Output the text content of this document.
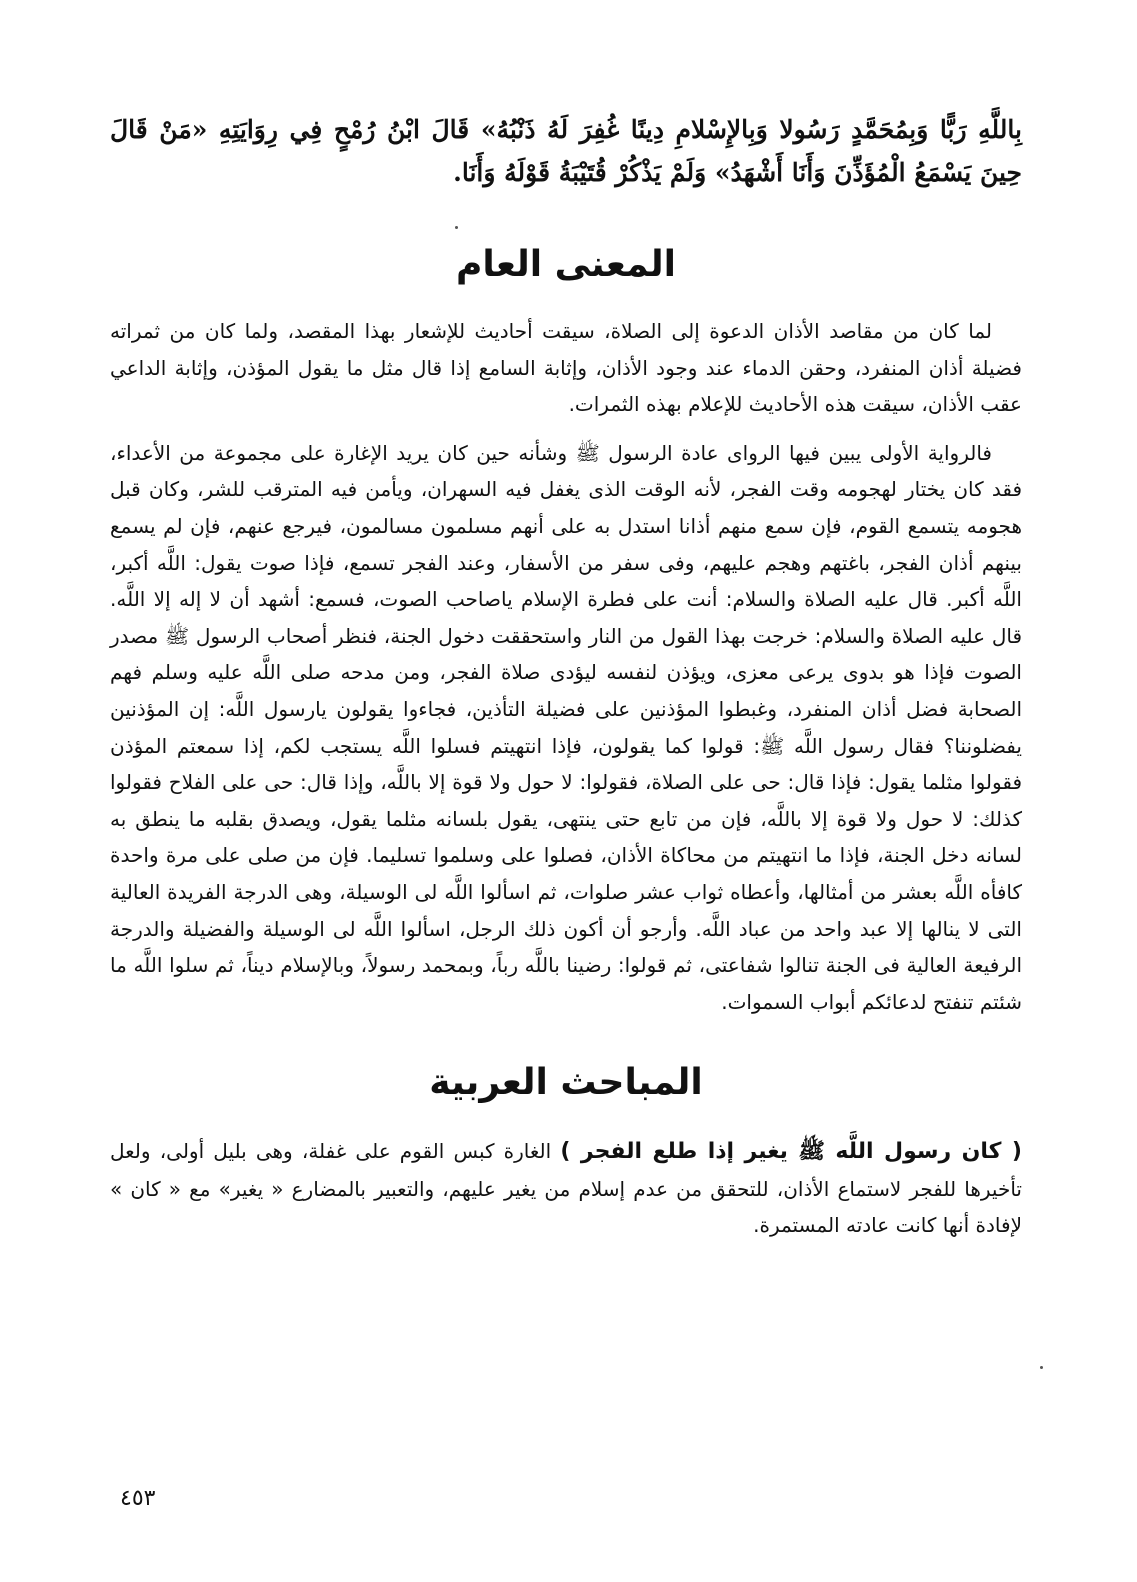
بِاللَّهِ رَبًّا وَبِمُحَمَّدٍ رَسُولا وَبِالإِسْلامِ دِينًا غُفِرَ لَهُ ذَنْبُهُ» قَالَ ابْنُ رُمْحٍ فِي رِوَايَتِهِ «مَنْ قَالَ حِينَ يَسْمَعُ الْمُؤَذِّنَ وَأَنَا أَشْهَدُ» وَلَمْ يَذْكُرْ قُتَيْبَةُ قَوْلَهُ وَأَنَا.
المعنى العام

لما كان من مقاصد الأذان الدعوة إلى الصلاة، سيقت أحاديث للإشعار بهذا المقصد، ولما كان من ثمراته فضيلة أذان المنفرد، وحقن الدماء عند وجود الأذان، وإثابة السامع إذا قال مثل ما يقول المؤذن، وإثابة الداعي عقب الأذان، سيقت هذه الأحاديث للإعلام بهذه الثمرات.

فالرواية الأولى يبين فيها الرواى عادة الرسول ﷺ وشأنه حين كان يريد الإغارة على مجموعة من الأعداء، فقد كان يختار لهجومه وقت الفجر، لأنه الوقت الذى يغفل فيه السهران، ويأمن فيه المترقب للشر، وكان قبل هجومه يتسمع القوم، فإن سمع منهم أذانا استدل به على أنهم مسلمون مسالمون، فيرجع عنهم، فإن لم يسمع بينهم أذان الفجر، باغتهم وهجم عليهم، وفى سفر من الأسفار، وعند الفجر تسمع، فإذا صوت يقول: اللَّه أكبر، اللَّه أكبر. قال عليه الصلاة والسلام: أنت على فطرة الإسلام ياصاحب الصوت، فسمع: أشهد أن لا إله إلا اللَّه. قال عليه الصلاة والسلام: خرجت بهذا القول من النار واستحققت دخول الجنة، فنظر أصحاب الرسول ﷺ مصدر الصوت فإذا هو بدوى يرعى معزى، ويؤذن لنفسه ليؤدى صلاة الفجر، ومن مدحه صلى اللَّه عليه وسلم فهم الصحابة فضل أذان المنفرد، وغبطوا المؤذنين على فضيلة التأذين، فجاءوا يقولون يارسول اللَّه: إن المؤذنين يفضلوننا؟ فقال رسول اللَّه ﷺ: قولوا كما يقولون، فإذا انتهيتم فسلوا اللَّه يستجب لكم، إذا سمعتم المؤذن فقولوا مثلما يقول: فإذا قال: حى على الصلاة، فقولوا: لا حول ولا قوة إلا باللَّه، وإذا قال: حى على الفلاح فقولوا كذلك: لا حول ولا قوة إلا باللَّه، فإن من تابع حتى ينتهى، يقول بلسانه مثلما يقول، ويصدق بقلبه ما ينطق به لسانه دخل الجنة، فإذا ما انتهيتم من محاكاة الأذان، فصلوا على وسلموا تسليما. فإن من صلى على مرة واحدة كافأه اللَّه بعشر من أمثالها، وأعطاه ثواب عشر صلوات، ثم اسألوا اللَّه لى الوسيلة، وهى الدرجة الفريدة العالية التى لا ينالها إلا عبد واحد من عباد اللَّه. وأرجو أن أكون ذلك الرجل، اسألوا اللَّه لى الوسيلة والفضيلة والدرجة الرفيعة العالية فى الجنة تنالوا شفاعتى، ثم قولوا: رضينا باللَّه رباً، وبمحمد رسولاً، وبالإسلام ديناً، ثم سلوا اللَّه ما شئتم تنفتح لدعائكم أبواب السموات.

المباحث العربية

( كان رسول اللَّه ﷺ يغير إذا طلع الفجر ) الغارة كبس القوم على غفلة، وهى بليل أولى، ولعل تأخيرها للفجر لاستماع الأذان، للتحقق من عدم إسلام من يغير عليهم، والتعبير بالمضارع « يغير» مع « كان » لإفادة أنها كانت عادته المستمرة.

٤٥٣
